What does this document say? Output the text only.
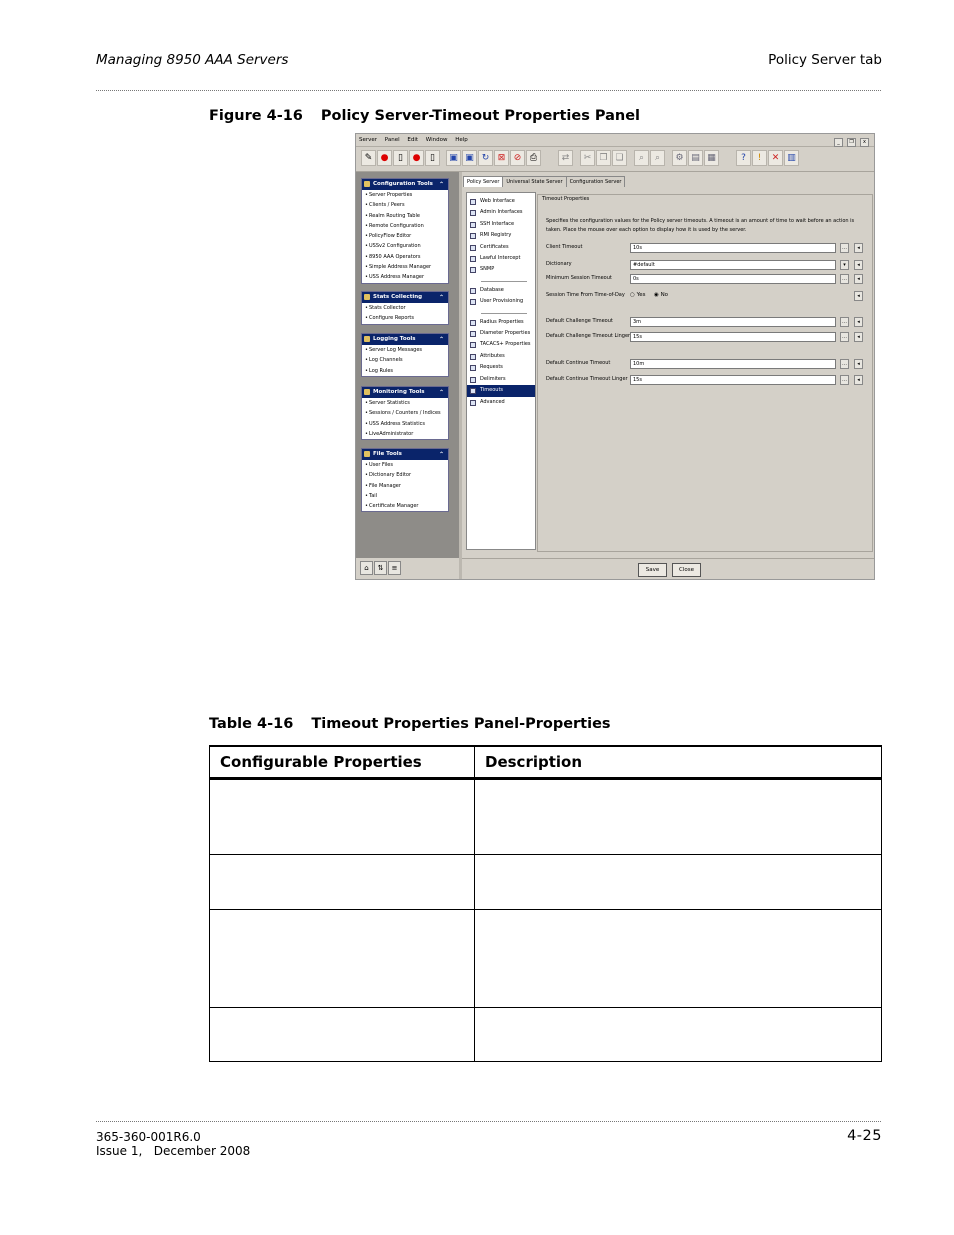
Managing 8950 AAA Servers	Policy Server tab
Figure 4-16 Policy Server-Timeout Properties Panel
Server Panel Edit Window Help	_ ❐ x
✎ ●	▯	●	▯	▣ ▣ ↻ ⊠ ⊘ ⎙	⇄	✂ ❐ ❏	⌕	⌕	⚙ ▤ ▦	?	!	✕ ▥
Configuration Tools ⌃
• Server Properties
• Clients / Peers
• Realm Routing Table
• Remote Configuration
• PolicyFlow Editor
• USSv2 Configuration
• 8950 AAA Operators
• Simple Address Manager
• USS Address Manager
Stats Collecting	⌃
• Stats Collector
• Configure Reports
Logging Tools	⌃
• Server Log Messages
• Log Channels
• Log Rules
Monitoring Tools ⌃
• Server Statistics
• Sessions / Counters / Indices
• USS Address Statistics
• LiveAdministrator
File Tools	⌃
• User Files
• Dictionary Editor
• File Manager
• Tail
• Certificate Manager
⌂	⇅	≡
Policy Server Universal State Server Configuration Server
Web Interface
Admin Interfaces
SSH Interface
RMI Registry
Certificates
Lawful Intercept
SNMP
Database
User Provisioning
Radius Properties
Diameter Properties
TACACS+ Properties
Attributes
Requests
Delimiters
Timeouts
Advanced
Timeout Properties
Specifies the configuration values for the Policy server timeouts. A timeout is an amount of time to wait before an action is taken. Place the mouse over each option to display how it is used by the server.
Client Timeout	10s	…	◂
Dictionary	#default	▾	◂
Minimum Session Timeout	0s	…	◂
Session Time From Time-of-Day ○ Yes ◉ No	◂
Default Challenge Timeout	3m	…	◂
Default Challenge Timeout Linger 15s	…	◂
Default Continue Timeout	10m	…	◂
Default Continue Timeout Linger	15s	…	◂
Save	Close
Table 4-16 Timeout Properties Panel-Properties
Configurable Properties	Description

365-360-001R6.0
Issue 1,   December 2008
4-25
